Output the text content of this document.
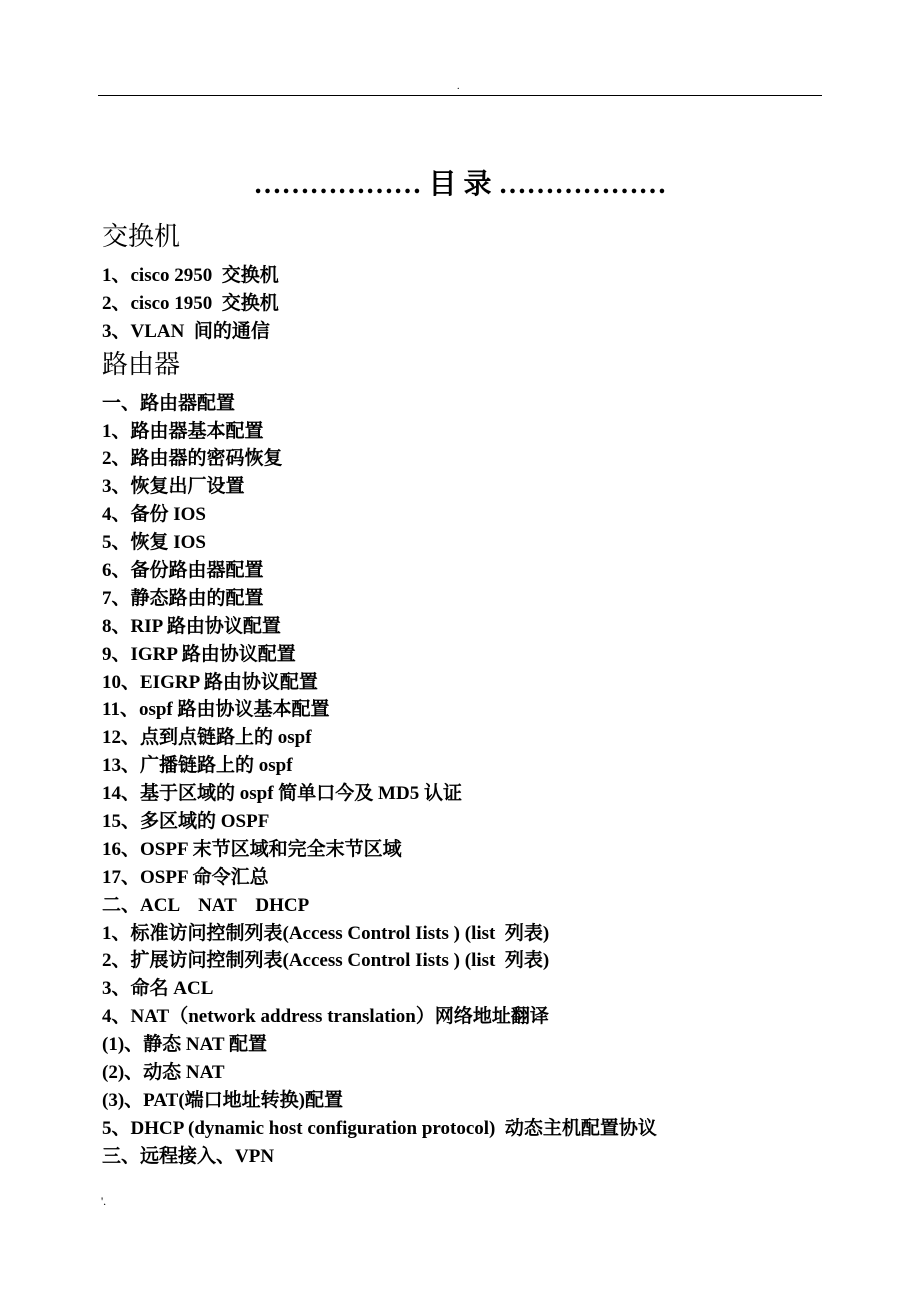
.
……………… 目 录 ………………
交换机
1、cisco 2950  交换机
2、cisco 1950  交换机
3、VLAN  间的通信
路由器
一、路由器配置
1、路由器基本配置
2、路由器的密码恢复
3、恢复出厂设置
4、备份 IOS
5、恢复 IOS
6、备份路由器配置
7、静态路由的配置
8、RIP 路由协议配置
9、IGRP 路由协议配置
10、EIGRP 路由协议配置
11、ospf 路由协议基本配置
12、点到点链路上的 ospf
13、广播链路上的 ospf
14、基于区域的 ospf 简单口今及 MD5 认证
15、多区域的 OSPF
16、OSPF 末节区域和完全末节区域
17、OSPF 命令汇总
二、ACL    NAT    DHCP
1、标准访问控制列表(Access Control Iists ) (list  列表)
2、扩展访问控制列表(Access Control Iists ) (list  列表)
3、命名 ACL
4、NAT（network address translation）网络地址翻译
(1)、静态 NAT 配置
(2)、动态 NAT
(3)、PAT(端口地址转换)配置
5、DHCP (dynamic host configuration protocol)  动态主机配置协议
三、远程接入、VPN
'.
